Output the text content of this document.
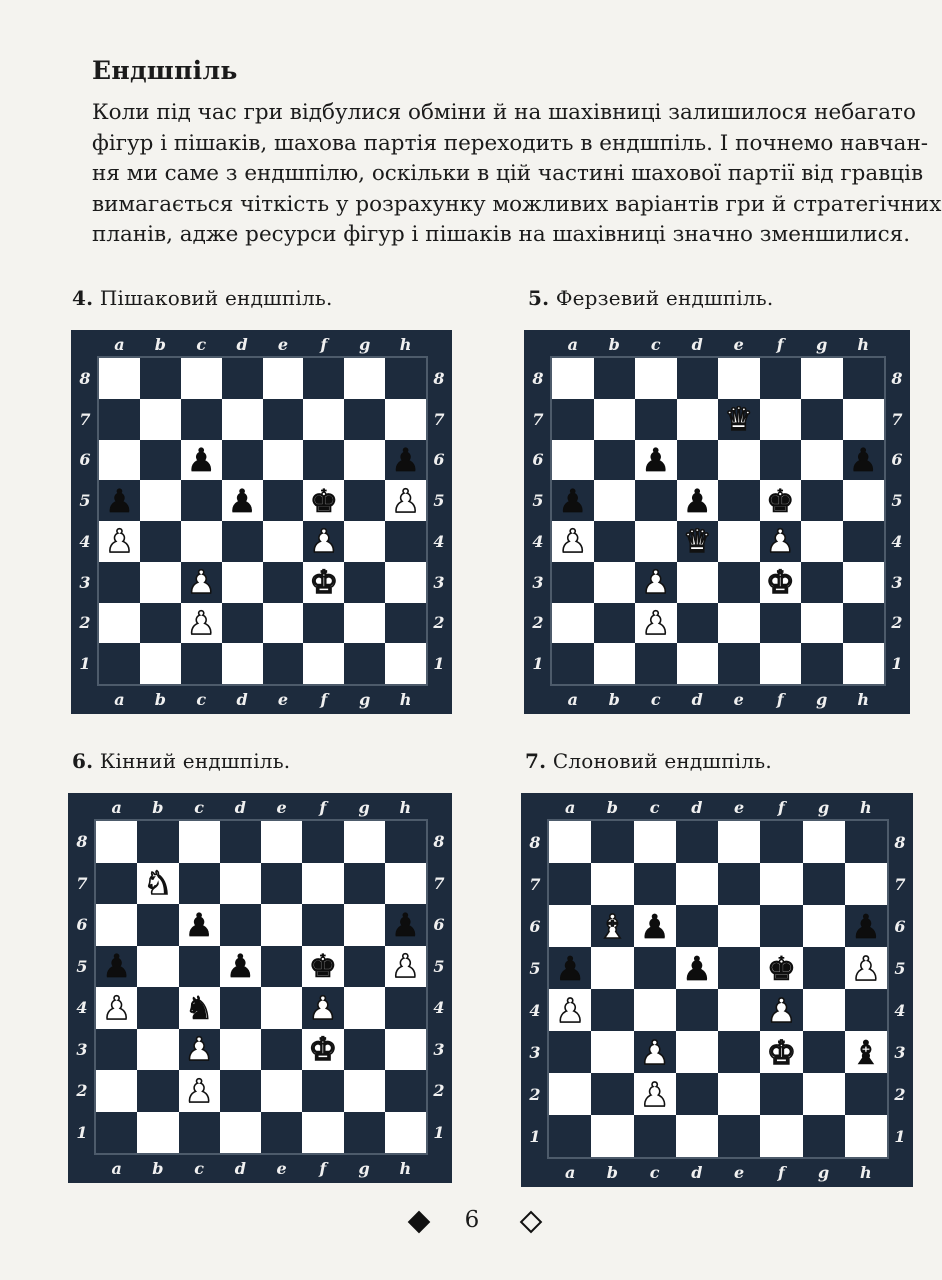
Ендшпіль
Коли під час гри відбулися обміни й на шахівниці залишилося небагато
фігур і пішаків, шахова партія переходить в ендшпіль. І почнемо навчан-
ня ми саме з ендшпілю, оскільки в цій частині шахової партії від гравців
вимагається чіткість у розрахунку можливих варіантів гри й стратегічних
планів, адже ресурси фігур і пішаків на шахівниці значно зменшилися.
4. Пішаковий ендшпіль.
♟	♟
♟	♟ ♚ ♟
♟	♟
♟	♚
♟
a
a
b
b
c
c
d
d
e
e
f
f
g
g
h
h
8	8
7	7
6	6
5	5
4	4
3	3
2	2
1	1
5. Ферзевий ендшпіль.
♛
♟	♟
♟	♟ ♚
♟	♛ ♟
♟	♚
♟
a
a
b
b
c
c
d
d
e
e
f
f
g
g
h
h
8	8
7	7
6	6
5	5
4	4
3	3
2	2
1	1
6. Кінний ендшпіль.
♞
♟	♟
♟	♟ ♚ ♟
♟ ♞	♟
♟	♚
♟
a
a
b
b
c
c
d
d
e
e
f
f
g
g
h
h
8	8
7	7
6	6
5	5
4	4
3	3
2	2
1	1
7. Слоновий ендшпіль.
♝ ♟	♟
♟	♟ ♚ ♟
♟	♟
♟	♚ ♝
♟
a
a
b
b
c
c
d
d
e
e
f
f
g
g
h
h
8	8
7	7
6	6
5	5
4	4
3	3
2	2
1	1
6
